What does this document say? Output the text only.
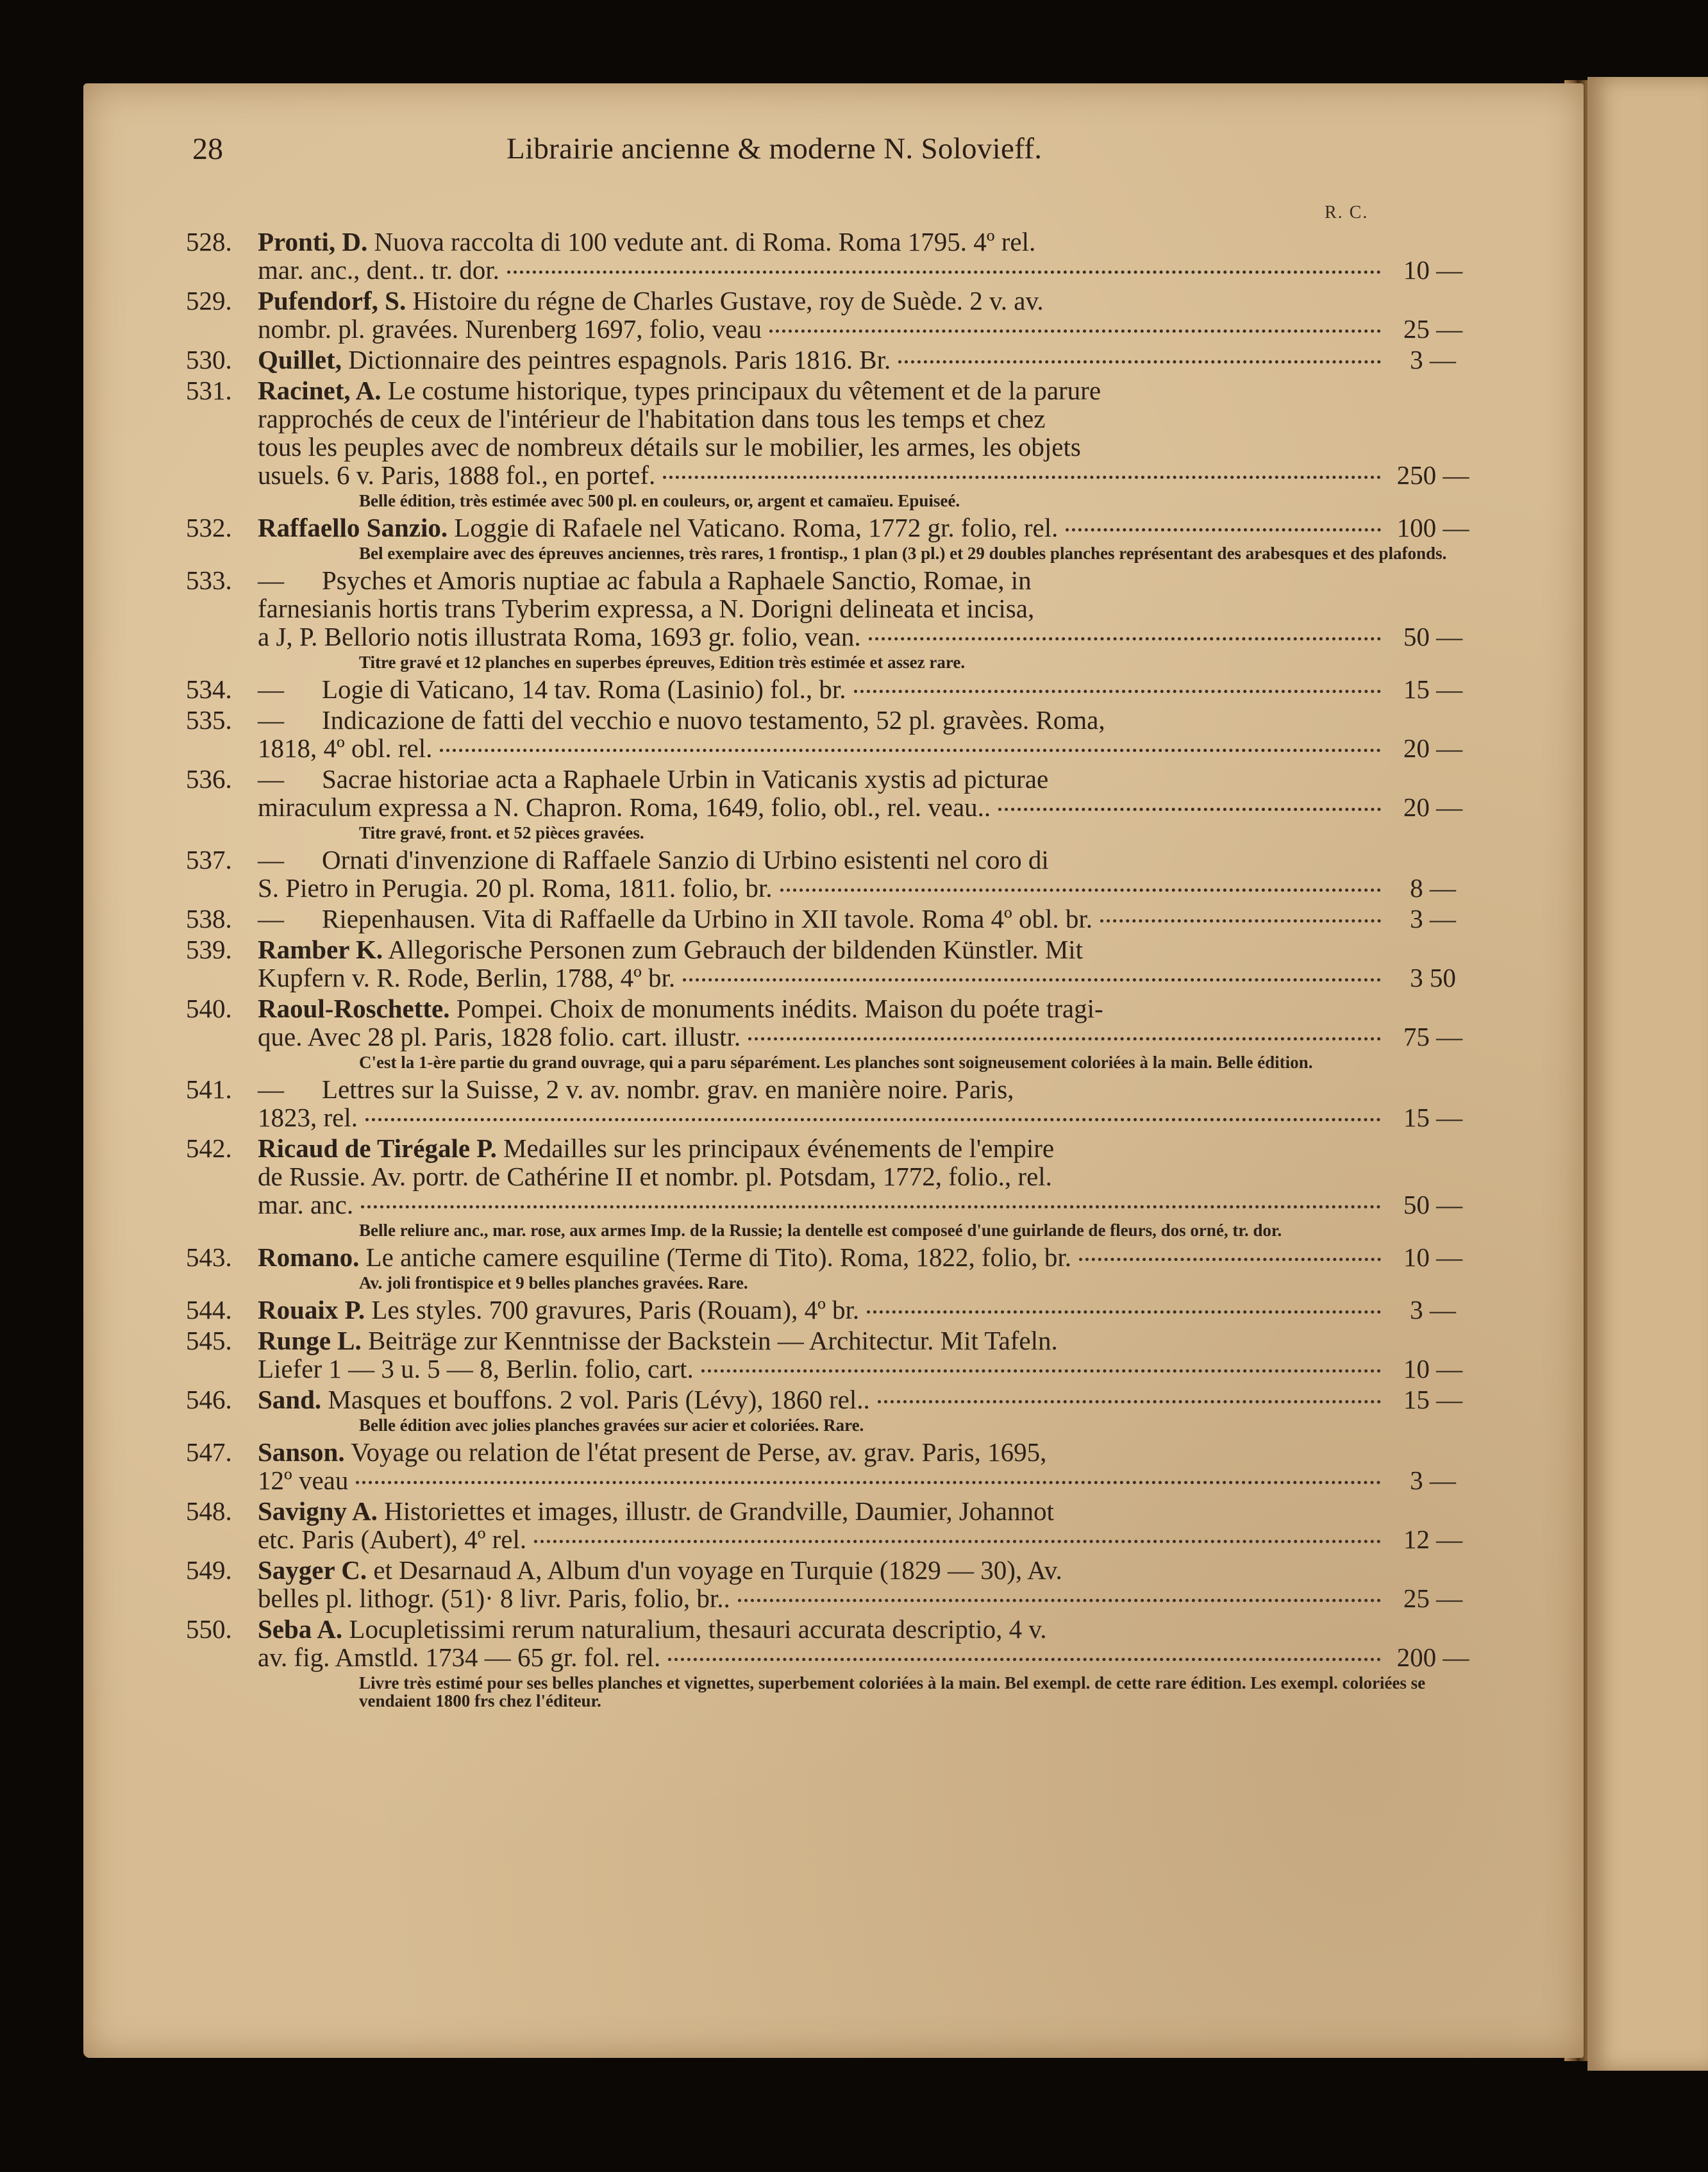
28	Librairie ancienne & moderne N. Solovieff.
R. C.
528. Pronti, D. Nuova raccolta di 100 vedute ant. di Roma. Roma 1795. 4º rel.
mar. anc., dent.. tr. dor.	10 —
529. Pufendorf, S. Histoire du régne de Charles Gustave, roy de Suède. 2 v. av.
nombr. pl. gravées. Nurenberg 1697, folio, veau	25 —
530. Quillet, Dictionnaire des peintres espagnols. Paris 1816. Br.	3 —
531. Racinet, A. Le costume historique, types principaux du vêtement et de la parure
rapprochés de ceux de l'intérieur de l'habitation dans tous les temps et chez
tous les peuples avec de nombreux détails sur le mobilier, les armes, les objets
usuels. 6 v. Paris, 1888 fol., en portef.	250 —
Belle édition, très estimée avec 500 pl. en couleurs, or, argent et camaïeu. Epuiseé.
532. Raffaello Sanzio. Loggie di Rafaele nel Vaticano. Roma, 1772 gr. folio, rel.	100 —
Bel exemplaire avec des épreuves anciennes, très rares, 1 frontisp., 1 plan (3 pl.) et 29 doubles planches représentant des arabesques et des plafonds.
533. — Psyches et Amoris nuptiae ac fabula a Raphaele Sanctio, Romae, in
farnesianis hortis trans Tyberim expressa, a N. Dorigni delineata et incisa,
a J, P. Bellorio notis illustrata Roma, 1693 gr. folio, vean.	50 —
Titre gravé et 12 planches en superbes épreuves, Edition très estimée et assez rare.
534. — Logie di Vaticano, 14 tav. Roma (Lasinio) fol., br.	15 —
535. — Indicazione de fatti del vecchio e nuovo testamento, 52 pl. gravèes. Roma,
1818, 4º obl. rel.	20 —
536. — Sacrae historiae acta a Raphaele Urbin in Vaticanis xystis ad picturae
miraculum expressa a N. Chapron. Roma, 1649, folio, obl., rel. veau..	20 —
Titre gravé, front. et 52 pièces gravées.
537. — Ornati d'invenzione di Raffaele Sanzio di Urbino esistenti nel coro di
S. Pietro in Perugia. 20 pl. Roma, 1811. folio, br.	8 —
538. — Riepenhausen. Vita di Raffaelle da Urbino in XII tavole. Roma 4º obl. br.	3 —
539. Ramber K. Allegorische Personen zum Gebrauch der bildenden Künstler. Mit
Kupfern v. R. Rode, Berlin, 1788, 4º br.	3 50
540. Raoul-Roschette. Pompei. Choix de monuments inédits. Maison du poéte tragi-
que. Avec 28 pl. Paris, 1828 folio. cart. illustr.	75 —
C'est la 1-ère partie du grand ouvrage, qui a paru séparément. Les planches sont soigneusement coloriées à la main. Belle édition.
541. — Lettres sur la Suisse, 2 v. av. nombr. grav. en manière noire. Paris,
1823, rel.	15 —
542. Ricaud de Tirégale P. Medailles sur les principaux événements de l'empire
de Russie. Av. portr. de Cathérine II et nombr. pl. Potsdam, 1772, folio., rel.
mar. anc.	50 —
Belle reliure anc., mar. rose, aux armes Imp. de la Russie; la dentelle est composeé d'une guirlande de fleurs, dos orné, tr. dor.
543. Romano. Le antiche camere esquiline (Terme di Tito). Roma, 1822, folio, br.	10 —
Av. joli frontispice et 9 belles planches gravées. Rare.
544. Rouaix P. Les styles. 700 gravures, Paris (Rouam), 4º br.	3 —
545. Runge L. Beiträge zur Kenntnisse der Backstein — Architectur. Mit Tafeln.
Liefer 1 — 3 u. 5 — 8, Berlin. folio, cart.	10 —
546. Sand. Masques et bouffons. 2 vol. Paris (Lévy), 1860 rel..	15 —
Belle édition avec jolies planches gravées sur acier et coloriées. Rare.
547. Sanson. Voyage ou relation de l'état present de Perse, av. grav. Paris, 1695,
12º veau	3 —
548. Savigny A. Historiettes et images, illustr. de Grandville, Daumier, Johannot
etc. Paris (Aubert), 4º rel.	12 —
549. Sayger C. et Desarnaud A, Album d'un voyage en Turquie (1829 — 30), Av.
belles pl. lithogr. (51)· 8 livr. Paris, folio, br..	25 —
550. Seba A. Locupletissimi rerum naturalium, thesauri accurata descriptio, 4 v.
av. fig. Amstld. 1734 — 65 gr. fol. rel.	200 —
Livre très estimé pour ses belles planches et vignettes, superbement coloriées à la main. Bel exempl. de cette rare édition. Les exempl. coloriées se vendaient 1800 frs chez l'éditeur.
